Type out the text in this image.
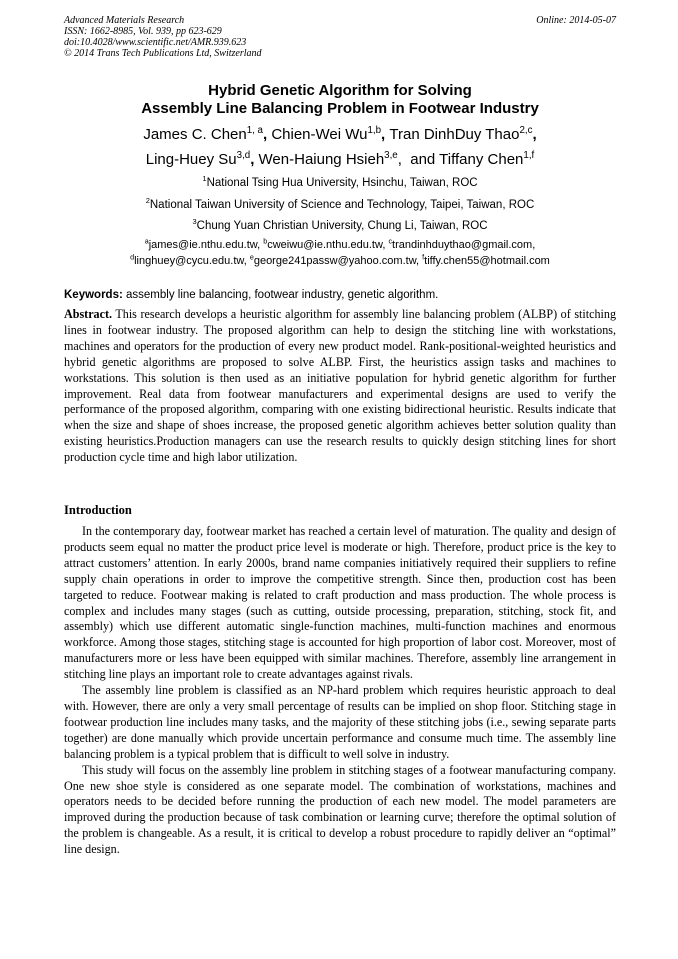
Advanced Materials Research
ISSN: 1662-8985, Vol. 939, pp 623-629
doi:10.4028/www.scientific.net/AMR.939.623
© 2014 Trans Tech Publications Ltd, Switzerland
Online: 2014-05-07
Hybrid Genetic Algorithm for Solving
Assembly Line Balancing Problem in Footwear Industry
James C. Chen$^{1, a}$, Chien-Wei Wu$^{1,b}$, Tran DinhDuy Thao$^{2,c}$,
Ling-Huey Su$^{3,d}$, Wen-Haiung Hsieh$^{3,e}$,  and Tiffany Chen$^{1,f}$
$^1$National Tsing Hua University, Hsinchu, Taiwan, ROC
$^2$National Taiwan University of Science and Technology, Taipei, Taiwan, ROC
$^3$Chung Yuan Christian University, Chung Li, Taiwan, ROC
$^a$james@ie.nthu.edu.tw, $^b$cweiwu@ie.nthu.edu.tw, $^c$trandinhduythao@gmail.com,
$^d$linghuey@cycu.edu.tw, $^e$george241passw@yahoo.com.tw, $^f$tiffy.chen55@hotmail.com
Keywords: assembly line balancing, footwear industry, genetic algorithm.

Abstract. This research develops a heuristic algorithm for assembly line balancing problem (ALBP) of stitching lines in footwear industry. The proposed algorithm can help to design the stitching line with workstations, machines and operators for the production of every new product model. Rank-positional-weighted heuristics and hybrid genetic algorithms are proposed to solve ALBP. First, the heuristics assign tasks and machines to workstations. This solution is then used as an initiative population for hybrid genetic algorithm for further improvement. Real data from footwear manufacturers and experimental designs are used to verify the performance of the proposed algorithm, comparing with one existing bidirectional heuristic. Results indicate that when the size and shape of shoes increase, the proposed genetic algorithm achieves better solution quality than existing heuristics.Production managers can use the research results to quickly design stitching lines for short production cycle time and high labor utilization.

Introduction

In the contemporary day, footwear market has reached a certain level of maturation. The quality and design of products seem equal no matter the product price level is moderate or high. Therefore, product price is the key to attract customers’ attention. In early 2000s, brand name companies initiatively required their suppliers to refine supply chain operations in order to improve the competitive strength. Since then, production cost has been targeted to reduce. Footwear making is related to craft production and mass production. The whole process is complex and includes many stages (such as cutting, outside processing, preparation, stitching, stock fit, and assembly) which use different automatic single-function machines, multi-function machines and enormous workforce. Among those stages, stitching stage is accounted for high proportion of labor cost. Moreover, most of manufacturers more or less have been equipped with similar machines. Therefore, assembly line arrangement in stitching line plays an important role to create advantages against rivals.

The assembly line problem is classified as an NP-hard problem which requires heuristic approach to deal with. However, there are only a very small percentage of results can be implied on shop floor. Stitching stage in footwear production line includes many tasks, and the majority of these stitching jobs (i.e., sewing separate parts together) are done manually which provide uncertain performance and consume much time. The assembly line balancing problem is a typical problem that is difficult to well solve in industry.

This study will focus on the assembly line problem in stitching stages of a footwear manufacturing company. One new shoe style is considered as one separate model. The combination of workstations, machines and operators needs to be decided before running the production of each new model. The model parameters are improved during the production because of task combination or learning curve; therefore the optimal solution of the problem is changeable. As a result, it is critical to develop a robust procedure to rapidly deliver an “optimal” line design.
